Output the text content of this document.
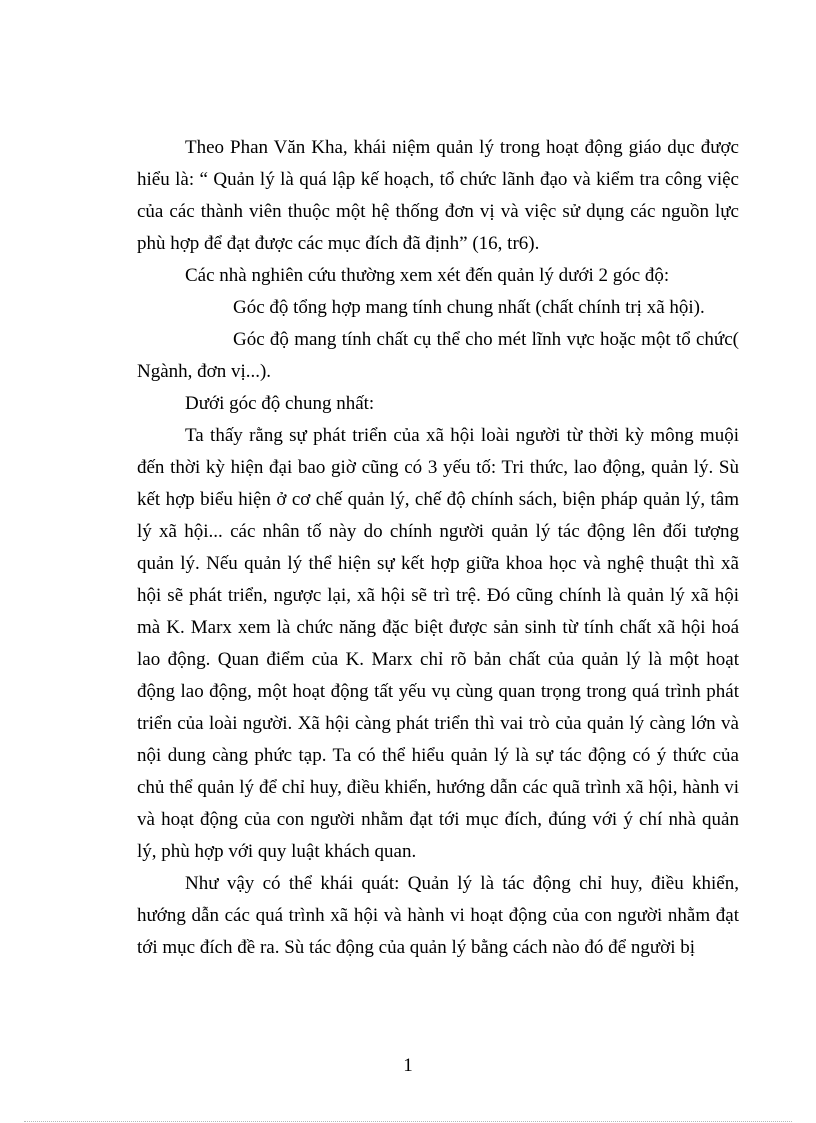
Theo Phan Văn Kha, khái niệm quản lý trong hoạt động giáo dục được hiểu là: “ Quản lý là quá lập kế hoạch, tổ chức lãnh đạo và kiểm tra công việc của các thành viên thuộc một hệ thống đơn vị và việc sử dụng các nguồn lực phù hợp để đạt được các mục đích đã định” (16, tr6).

Các nhà nghiên cứu thường xem xét đến quản lý dưới 2 góc độ:

Góc độ tổng hợp mang tính chung nhất (chất chính trị xã hội).

Góc độ mang tính chất cụ thể cho mét lĩnh vực hoặc một tổ chức( Ngành, đơn vị...).

Dưới góc độ chung nhất:

Ta thấy rằng sự phát triển của xã hội loài người từ thời kỳ mông muội đến thời kỳ hiện đại bao giờ cũng có 3 yếu tố: Tri thức, lao động, quản lý. Sù kết hợp biểu hiện ở cơ chế quản lý, chế độ chính sách, biện pháp quản lý, tâm lý xã hội... các nhân tố này do chính người quản lý tác động lên đối tượng quản lý. Nếu quản lý thể hiện sự kết hợp giữa khoa học và nghệ thuật thì xã hội sẽ phát triển, ngược lại, xã hội sẽ trì trệ. Đó cũng chính là quản lý xã hội mà K. Marx xem là chức năng đặc biệt được sản sinh từ tính chất xã hội hoá lao động. Quan điểm của K. Marx chỉ rõ bản chất của quản lý là một hoạt động lao động, một hoạt động tất yếu vụ cùng quan trọng trong quá trình phát triển của loài người. Xã hội càng phát triển thì vai trò của quản lý càng lớn và nội dung càng phức tạp. Ta có thể hiểu quản lý là sự tác động có ý thức của chủ thể quản lý để chỉ huy, điều khiển, hướng dẫn các quã trình xã hội, hành vi và hoạt động của con người nhằm đạt tới mục đích, đúng với ý chí nhà quản lý, phù hợp với quy luật khách quan.

Như vậy có thể khái quát: Quản lý là tác động chỉ huy, điều khiển, hướng dẫn các quá trình xã hội và hành vi hoạt động của con người nhằm đạt tới mục đích đề ra. Sù tác động của quản lý bằng cách nào đó để người bị

1
